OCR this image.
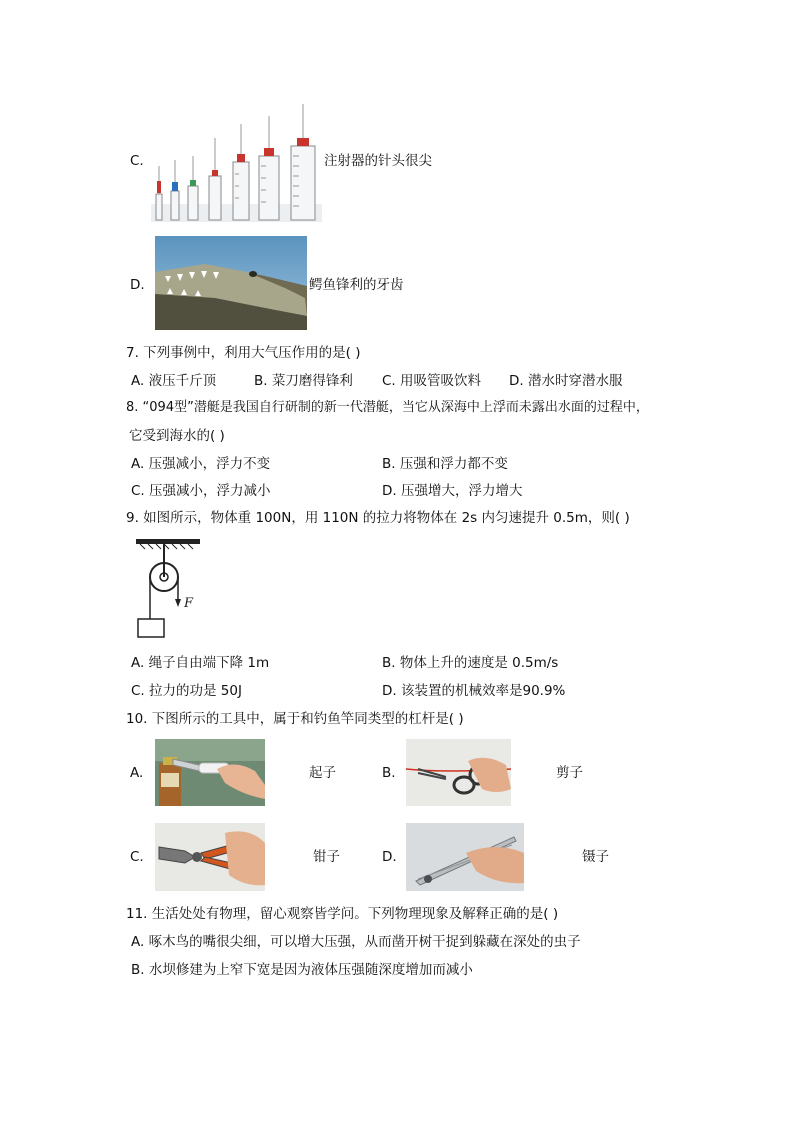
C.	注射器的针头很尖
D.	鳄鱼锋利的牙齿
7. 下列事例中，利用大气压作用的是( )
A. 液压千斤顶	B. 菜刀磨得锋利 C. 用吸管吸饮料 D. 潜水时穿潜水服
8. “094型”潜艇是我国自行研制的新一代潜艇，当它从深海中上浮而未露出水面的过程中，
它受到海水的( )
A. 压强减小，浮力不变	B. 压强和浮力都不变
C. 压强减小，浮力减小	D. 压强增大，浮力增大
9. 如图所示，物体重 100N，用 110N 的拉力将物体在 2s 内匀速提升 0.5m，则( )
F
A. 绳子自由端下降 1m	B. 物体上升的速度是 0.5m/s
C. 拉力的功是 50J	D. 该装置的机械效率是90.9%
10. 下图所示的工具中，属于和钓鱼竿同类型的杠杆是( )
A.	起子	B.	剪子
C.	钳子	D.	镊子
11. 生活处处有物理，留心观察皆学问。下列物理现象及解释正确的是( )
A. 啄木鸟的嘴很尖细，可以增大压强，从而凿开树干捉到躲藏在深处的虫子
B. 水坝修建为上窄下宽是因为液体压强随深度增加而减小
